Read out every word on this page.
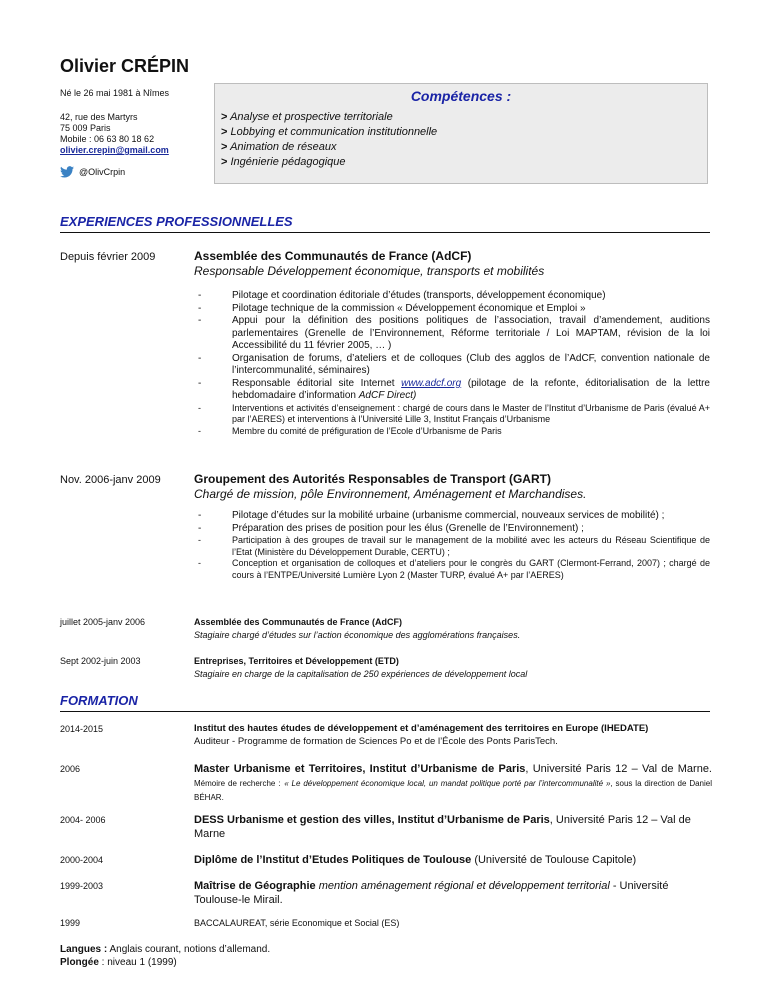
Olivier CRÉPIN
Né le 26 mai 1981 à Nîmes
42, rue des Martyrs
75 009 Paris
Mobile : 06 63 80 18 62
olivier.crepin@gmail.com
@OlivCrpin
Compétences :
> Analyse et prospective territoriale
> Lobbying et communication institutionnelle
> Animation de réseaux
> Ingénierie pédagogique
EXPERIENCES PROFESSIONNELLES
Depuis février 2009	Assemblée des Communautés de France (AdCF)
Responsable Développement économique, transports et mobilités
-	Pilotage et coordination éditoriale d’études (transports, développement économique)
-	Pilotage technique de la commission « Développement économique et Emploi »
-	Appui pour la définition des positions politiques de l’association, travail d’amendement, auditions parlementaires (Grenelle de l’Environnement, Réforme territoriale / Loi MAPTAM, révision de la loi Accessibilité du 11 février 2005, … )
-	Organisation de forums, d’ateliers et de colloques (Club des agglos de l’AdCF, convention nationale de l’intercommunalité, séminaires)
-	Responsable éditorial site Internet www.adcf.org (pilotage de la refonte, éditorialisation de la lettre hebdomadaire d’information AdCF Direct)
-	Interventions et activités d’enseignement : chargé de cours dans le Master de l’Institut d’Urbanisme de Paris (évalué A+ par l’AERES) et interventions à l’Université Lille 3, Institut Français d’Urbanisme
-	Membre du comité de préfiguration de l’Ecole d’Urbanisme de Paris
Nov. 2006-janv 2009	Groupement des Autorités Responsables de Transport (GART)
Chargé de mission, pôle Environnement, Aménagement et Marchandises.
-	Pilotage d’études sur la mobilité urbaine (urbanisme commercial, nouveaux services de mobilité) ;
-	Préparation des prises de position pour les élus (Grenelle de l’Environnement) ;
-	Participation à des groupes de travail sur le management de la mobilité avec les acteurs du Réseau Scientifique de l’Etat (Ministère du Développement Durable, CERTU) ;
-	Conception et organisation de colloques et d’ateliers pour le congrès du GART (Clermont-Ferrand, 2007) ; chargé de cours à l’ENTPE/Université Lumière Lyon 2 (Master TURP, évalué A+ par l’AERES)
juillet 2005-janv 2006	Assemblée des Communautés de France (AdCF)
Stagiaire chargé d’études sur l’action économique des agglomérations françaises.
Sept 2002-juin 2003	Entreprises, Territoires et Développement (ETD)
Stagiaire en charge de la capitalisation de 250 expériences de développement local
FORMATION
2014-2015	Institut des hautes études de développement et d’aménagement des territoires en Europe (IHEDATE)
Auditeur - Programme de formation de Sciences Po et de l’École des Ponts ParisTech.
2006	Master Urbanisme et Territoires, Institut d’Urbanisme de Paris, Université Paris 12 – Val de Marne. Mémoire de recherche : « Le développement économique local, un mandat politique porté par l’intercommunalité », sous la direction de Daniel BÉHAR.
2004- 2006	DESS Urbanisme et gestion des villes, Institut d’Urbanisme de Paris, Université Paris 12 – Val de Marne
2000-2004	Diplôme de l’Institut d’Etudes Politiques de Toulouse (Université de Toulouse Capitole)
1999-2003	Maîtrise de Géographie mention aménagement régional et développement territorial - Université Toulouse-le Mirail.
1999	BACCALAUREAT, série Economique et Social (ES)
Langues : Anglais courant, notions d’allemand.
Plongée : niveau 1 (1999)
